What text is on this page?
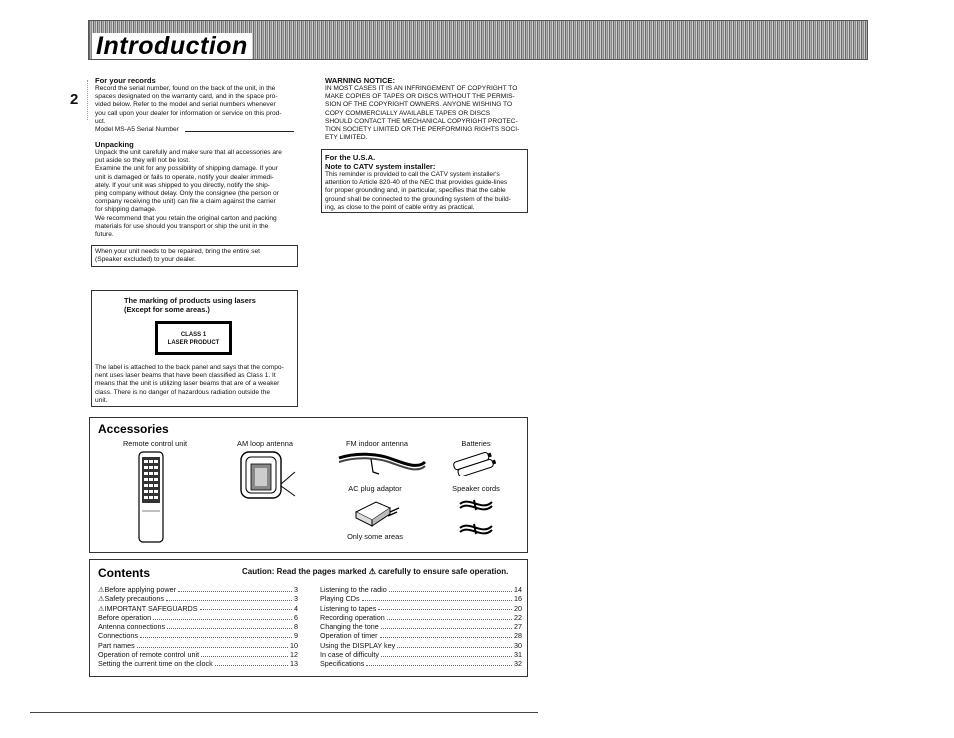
Introduction
2
For your records
Record the serial number, found on the back of the unit, in the
spaces designated on the warranty card, and in the space pro-
vided below. Refer to the model and serial numbers whenever
you call upon your dealer for information or service on this prod-
uct.
Model MS-A5 Serial Number
Unpacking
Unpack the unit carefully and make sure that all accessories are
put aside so they will not be lost.
Examine the unit for any possibility of shipping damage. If your
unit is damaged or fails to operate, notify your dealer immedi-
ately. If your unit was shipped to you directly, notify the ship-
ping company without delay. Only the consignee (the person or
company receiving the unit) can file a claim against the carrier
for shipping damage.
We recommend that you retain the original carton and packing
materials for use should you transport or ship the unit in the
future.
When your unit needs to be repaired, bring the entire set
(Speaker excluded) to your dealer.
The marking of products using lasers
(Except for some areas.)
CLASS 1
LASER PRODUCT
The label is attached to the back panel and says that the compo-
nent uses laser beams that have been classified as Class 1. It
means that the unit is utilizing laser beams that are of a weaker
class. There is no danger of hazardous radiation outside the
unit.
WARNING NOTICE:
IN MOST CASES IT IS AN INFRINGEMENT OF COPYRIGHT TO
MAKE COPIES OF TAPES OR DISCS WITHOUT THE PERMIS-
SION OF THE COPYRIGHT OWNERS. ANYONE WISHING TO
COPY COMMERCIALLY AVAILABLE TAPES OR DISCS
SHOULD CONTACT THE MECHANICAL COPYRIGHT PROTEC-
TION SOCIETY LIMITED OR THE PERFORMING RIGHTS SOCI-
ETY LIMITED.
For the U.S.A.
Note to CATV system installer:
This reminder is provided to call the CATV system installer's
attention to Article 820-40 of the NEC that provides guide-lines
for proper grounding and, in particular, specifies that the cable
ground shall be connected to the grounding system of the build-
ing, as close to the point of cable entry as practical.
Accessories
Remote control unit	AM loop antenna	FM indoor antenna
AC plug adaptor
Only some areas
Batteries
Speaker cords
Contents	Caution: Read the pages marked ⚠ carefully to ensure safe operation.
⚠Before applying power	3
⚠Safety precautions	3
⚠IMPORTANT SAFEGUARDS	4
Before operation	6
Antenna connections	8
Connections	9
Part names	10
Operation of remote control unit	12
Setting the current time on the clock	13
Listening to the radio	14
Playing CDs	16
Listening to tapes	20
Recording operation	22
Changing the tone	27
Operation of timer	28
Using the DISPLAY key	30
In case of difficulty	31
Specifications	32
